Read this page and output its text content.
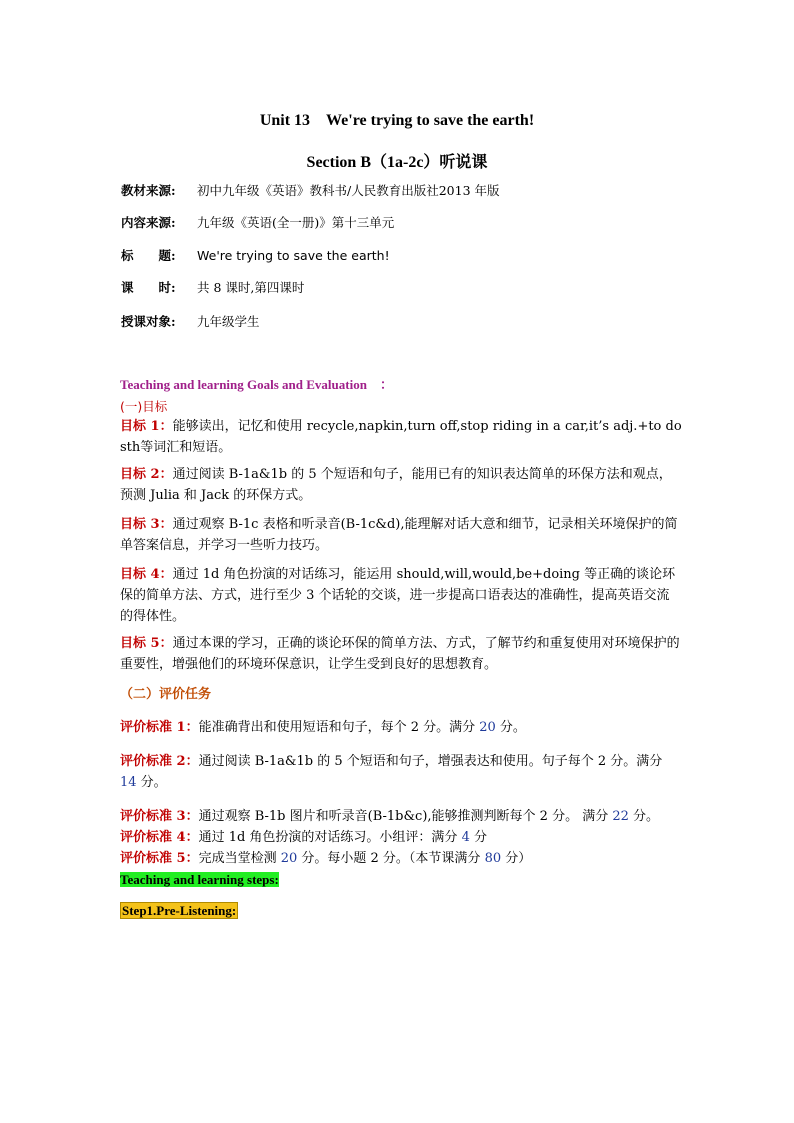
Unit 13　We're trying to save the earth!
Section B（1a-2c）听说课
教材来源: 初中九年级《英语》教科书/人民教育出版社2013 年版
内容来源: 九年级《英语(全一册)》第十三单元
标　　题: We're trying to save the earth!
课　　时: 共 8 课时,第四课时
授课对象: 九年级学生
Teaching and learning Goals and Evaluation　：
(一)目标
目标 1：能够读出，记忆和使用 recycle,napkin,turn off,stop riding in a car,it’s adj.+to do sth等词汇和短语。
目标 2：通过阅读 B-1a&1b 的 5 个短语和句子，能用已有的知识表达简单的环保方法和观点，预测 Julia 和 Jack 的环保方式。
目标 3：通过观察 B-1c 表格和听录音(B-1c&d),能理解对话大意和细节，记录相关环境保护的简单答案信息，并学习一些听力技巧。
目标 4：通过 1d 角色扮演的对话练习，能运用 should,will,would,be+doing 等正确的谈论环保的简单方法、方式，进行至少 3 个话轮的交谈，进一步提高口语表达的准确性，提高英语交流的得体性。
目标 5：通过本课的学习，正确的谈论环保的简单方法、方式，了解节约和重复使用对环境保护的重要性，增强他们的环境环保意识，让学生受到良好的思想教育。
（二）评价任务
评价标准 1：能准确背出和使用短语和句子，每个 2 分。满分 20 分。
评价标准 2：通过阅读 B-1a&1b 的 5 个短语和句子，增强表达和使用。句子每个 2 分。满分 14 分。
评价标准 3：通过观察 B-1b 图片和听录音(B-1b&c),能够推测判断每个 2 分。 满分 22 分。
评价标准 4：通过 1d 角色扮演的对话练习。小组评：满分 4 分
评价标准 5：完成当堂检测 20 分。每小题 2 分。（本节课满分 80 分）
Teaching and learning steps:
Step1.Pre-Listening:
